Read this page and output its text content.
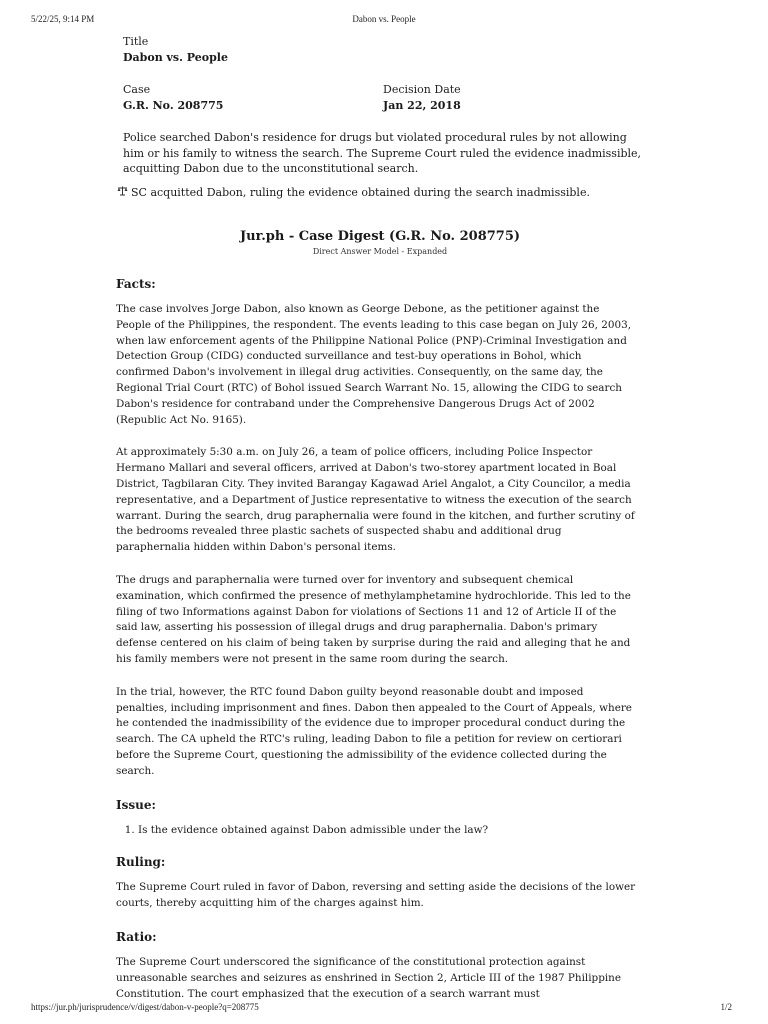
5/22/25, 9:14 PM	Dabon vs. People
Title
Dabon vs. People
Case
G.R. No. 208775
Decision Date
Jan 22, 2018
Police searched Dabon's residence for drugs but violated procedural rules by not allowing him or his family to witness the search. The Supreme Court ruled the evidence inadmissible, acquitting Dabon due to the unconstitutional search.
SC acquitted Dabon, ruling the evidence obtained during the search inadmissible.
Jur.ph - Case Digest (G.R. No. 208775)
Direct Answer Model - Expanded
Facts:

The case involves Jorge Dabon, also known as George Debone, as the petitioner against the People of the Philippines, the respondent. The events leading to this case began on July 26, 2003, when law enforcement agents of the Philippine National Police (PNP)-Criminal Investigation and Detection Group (CIDG) conducted surveillance and test-buy operations in Bohol, which confirmed Dabon's involvement in illegal drug activities. Consequently, on the same day, the Regional Trial Court (RTC) of Bohol issued Search Warrant No. 15, allowing the CIDG to search Dabon's residence for contraband under the Comprehensive Dangerous Drugs Act of 2002 (Republic Act No. 9165).

At approximately 5:30 a.m. on July 26, a team of police officers, including Police Inspector Hermano Mallari and several officers, arrived at Dabon's two-storey apartment located in Boal District, Tagbilaran City. They invited Barangay Kagawad Ariel Angalot, a City Councilor, a media representative, and a Department of Justice representative to witness the execution of the search warrant. During the search, drug paraphernalia were found in the kitchen, and further scrutiny of the bedrooms revealed three plastic sachets of suspected shabu and additional drug paraphernalia hidden within Dabon's personal items.

The drugs and paraphernalia were turned over for inventory and subsequent chemical examination, which confirmed the presence of methylamphetamine hydrochloride. This led to the filing of two Informations against Dabon for violations of Sections 11 and 12 of Article II of the said law, asserting his possession of illegal drugs and drug paraphernalia. Dabon's primary defense centered on his claim of being taken by surprise during the raid and alleging that he and his family members were not present in the same room during the search.

In the trial, however, the RTC found Dabon guilty beyond reasonable doubt and imposed penalties, including imprisonment and fines. Dabon then appealed to the Court of Appeals, where he contended the inadmissibility of the evidence due to improper procedural conduct during the search. The CA upheld the RTC's ruling, leading Dabon to file a petition for review on certiorari before the Supreme Court, questioning the admissibility of the evidence collected during the search.

Issue:
1. Is the evidence obtained against Dabon admissible under the law?
Ruling:

The Supreme Court ruled in favor of Dabon, reversing and setting aside the decisions of the lower courts, thereby acquitting him of the charges against him.

Ratio:

The Supreme Court underscored the significance of the constitutional protection against unreasonable searches and seizures as enshrined in Section 2, Article III of the 1987 Philippine Constitution. The court emphasized that the execution of a search warrant must

https://jur.ph/jurisprudence/v/digest/dabon-v-people?q=208775	1/2
